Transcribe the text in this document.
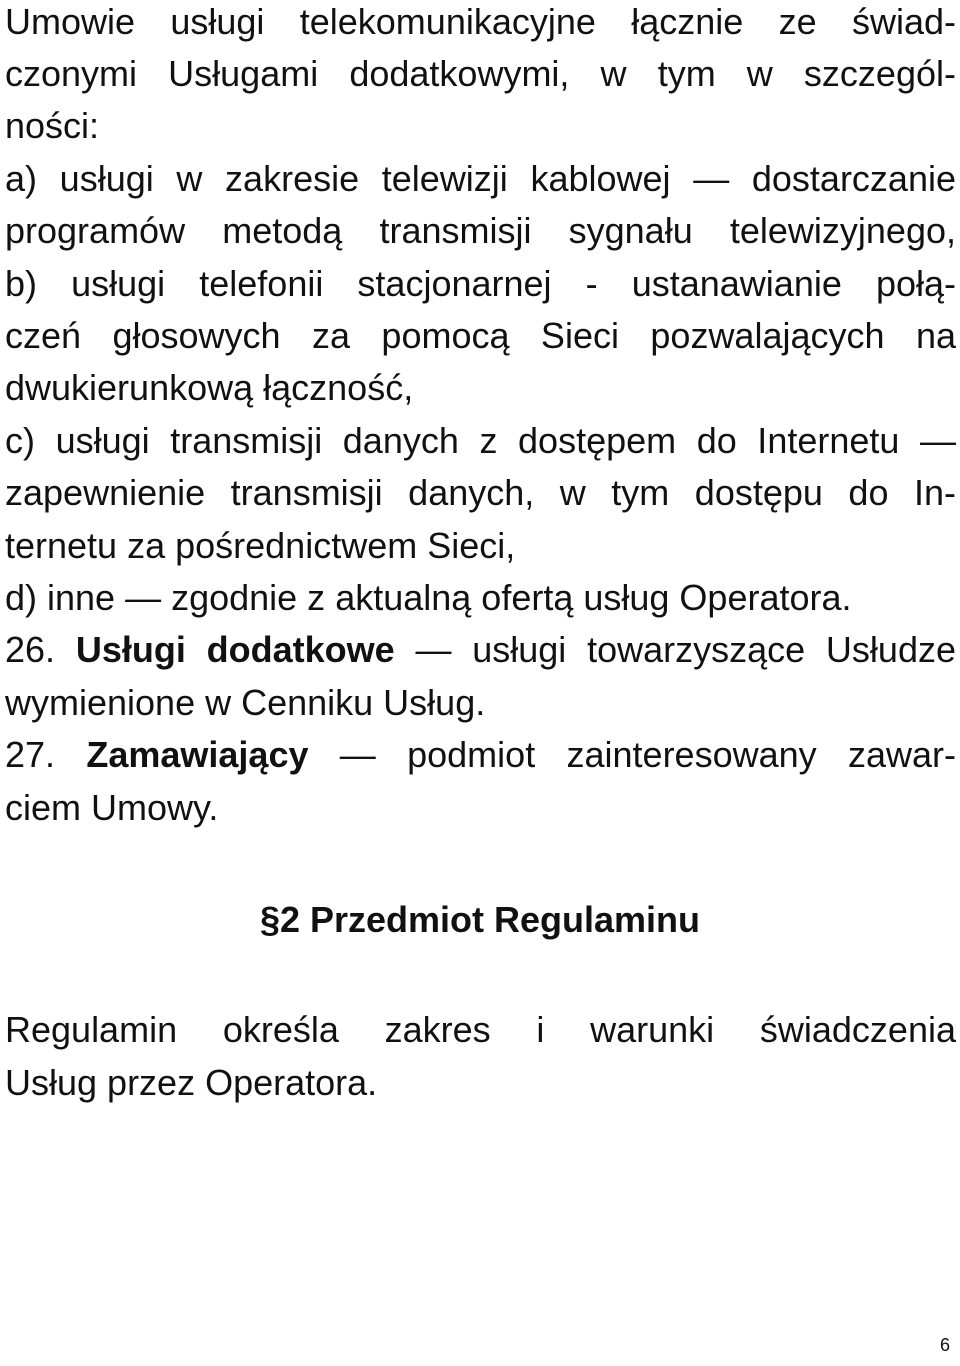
Umowie usługi telekomunikacyjne łącznie ze świad-
czonymi Usługami dodatkowymi, w tym w szczegól-
ności:
a) usługi w zakresie telewizji kablowej — dostarczanie
programów metodą transmisji sygnału telewizyjnego,
b) usługi telefonii stacjonarnej - ustanawianie połą-
czeń głosowych za pomocą Sieci pozwalających na
dwukierunkową łączność,
c) usługi transmisji danych z dostępem do Internetu —
zapewnienie transmisji danych, w tym dostępu do In-
ternetu za pośrednictwem Sieci,
d) inne — zgodnie z aktualną ofertą usług Operatora.
26. Usługi dodatkowe — usługi towarzyszące Usłudze
wymienione w Cenniku Usług.
27. Zamawiający — podmiot zainteresowany zawar-
ciem Umowy.
§2 Przedmiot Regulaminu
Regulamin określa zakres i warunki świadczenia
Usług przez Operatora.
6
